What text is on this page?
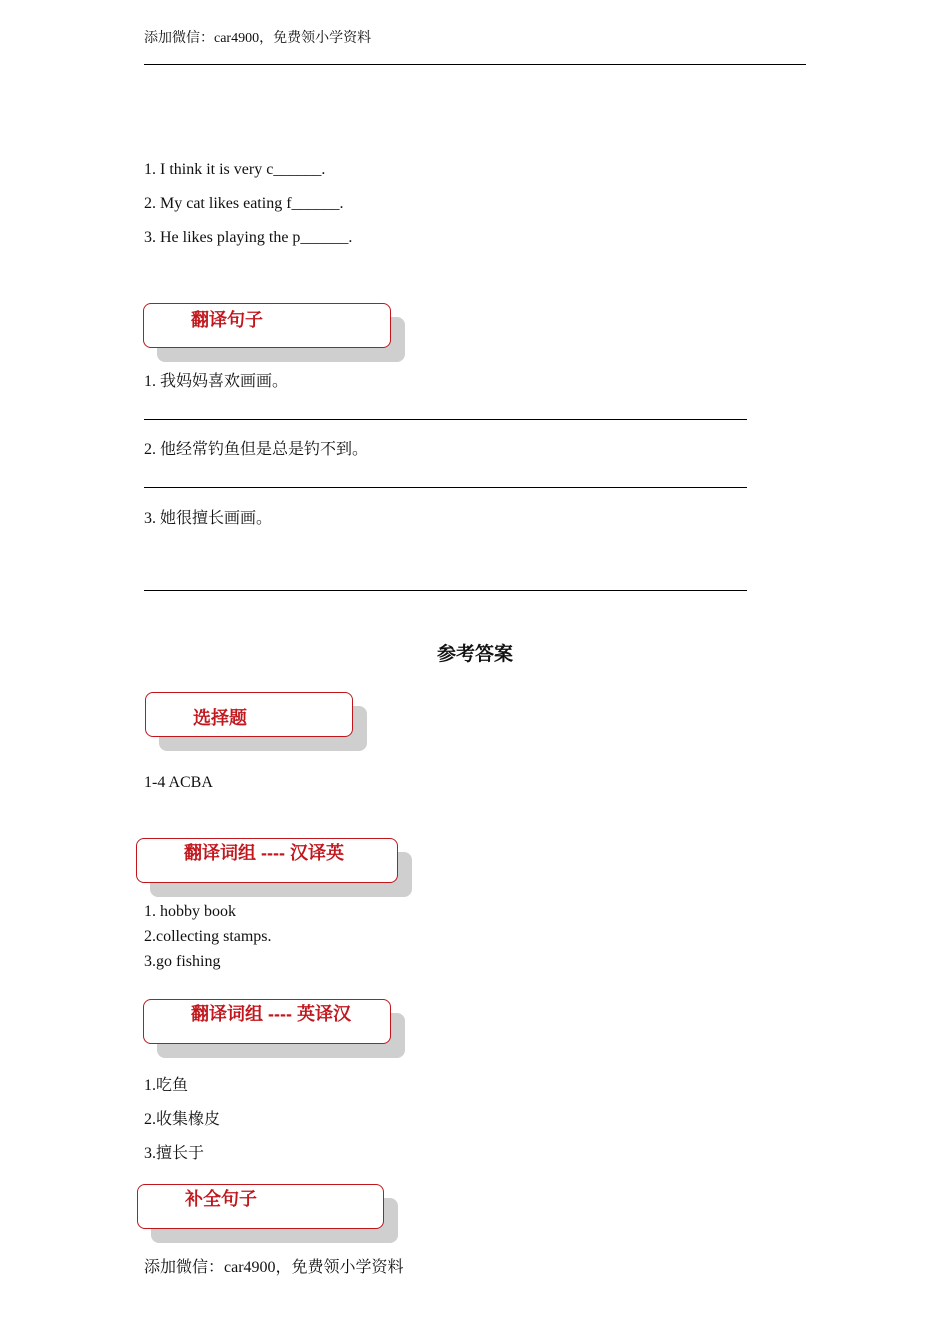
添加微信：car4900，免费领小学资料
1. I think it is very c______.
2. My cat likes eating f______.
3. He likes playing the p______.
翻译句子
1. 我妈妈喜欢画画。
2. 他经常钓鱼但是总是钓不到。
3. 她很擅长画画。
参考答案
选择题
1-4 ACBA
翻译词组 ---- 汉译英
1. hobby book
2.collecting stamps.
3.go fishing
翻译词组 ---- 英译汉
1.吃鱼
2.收集橡皮
3.擅长于
补全句子
添加微信：car4900，免费领小学资料
